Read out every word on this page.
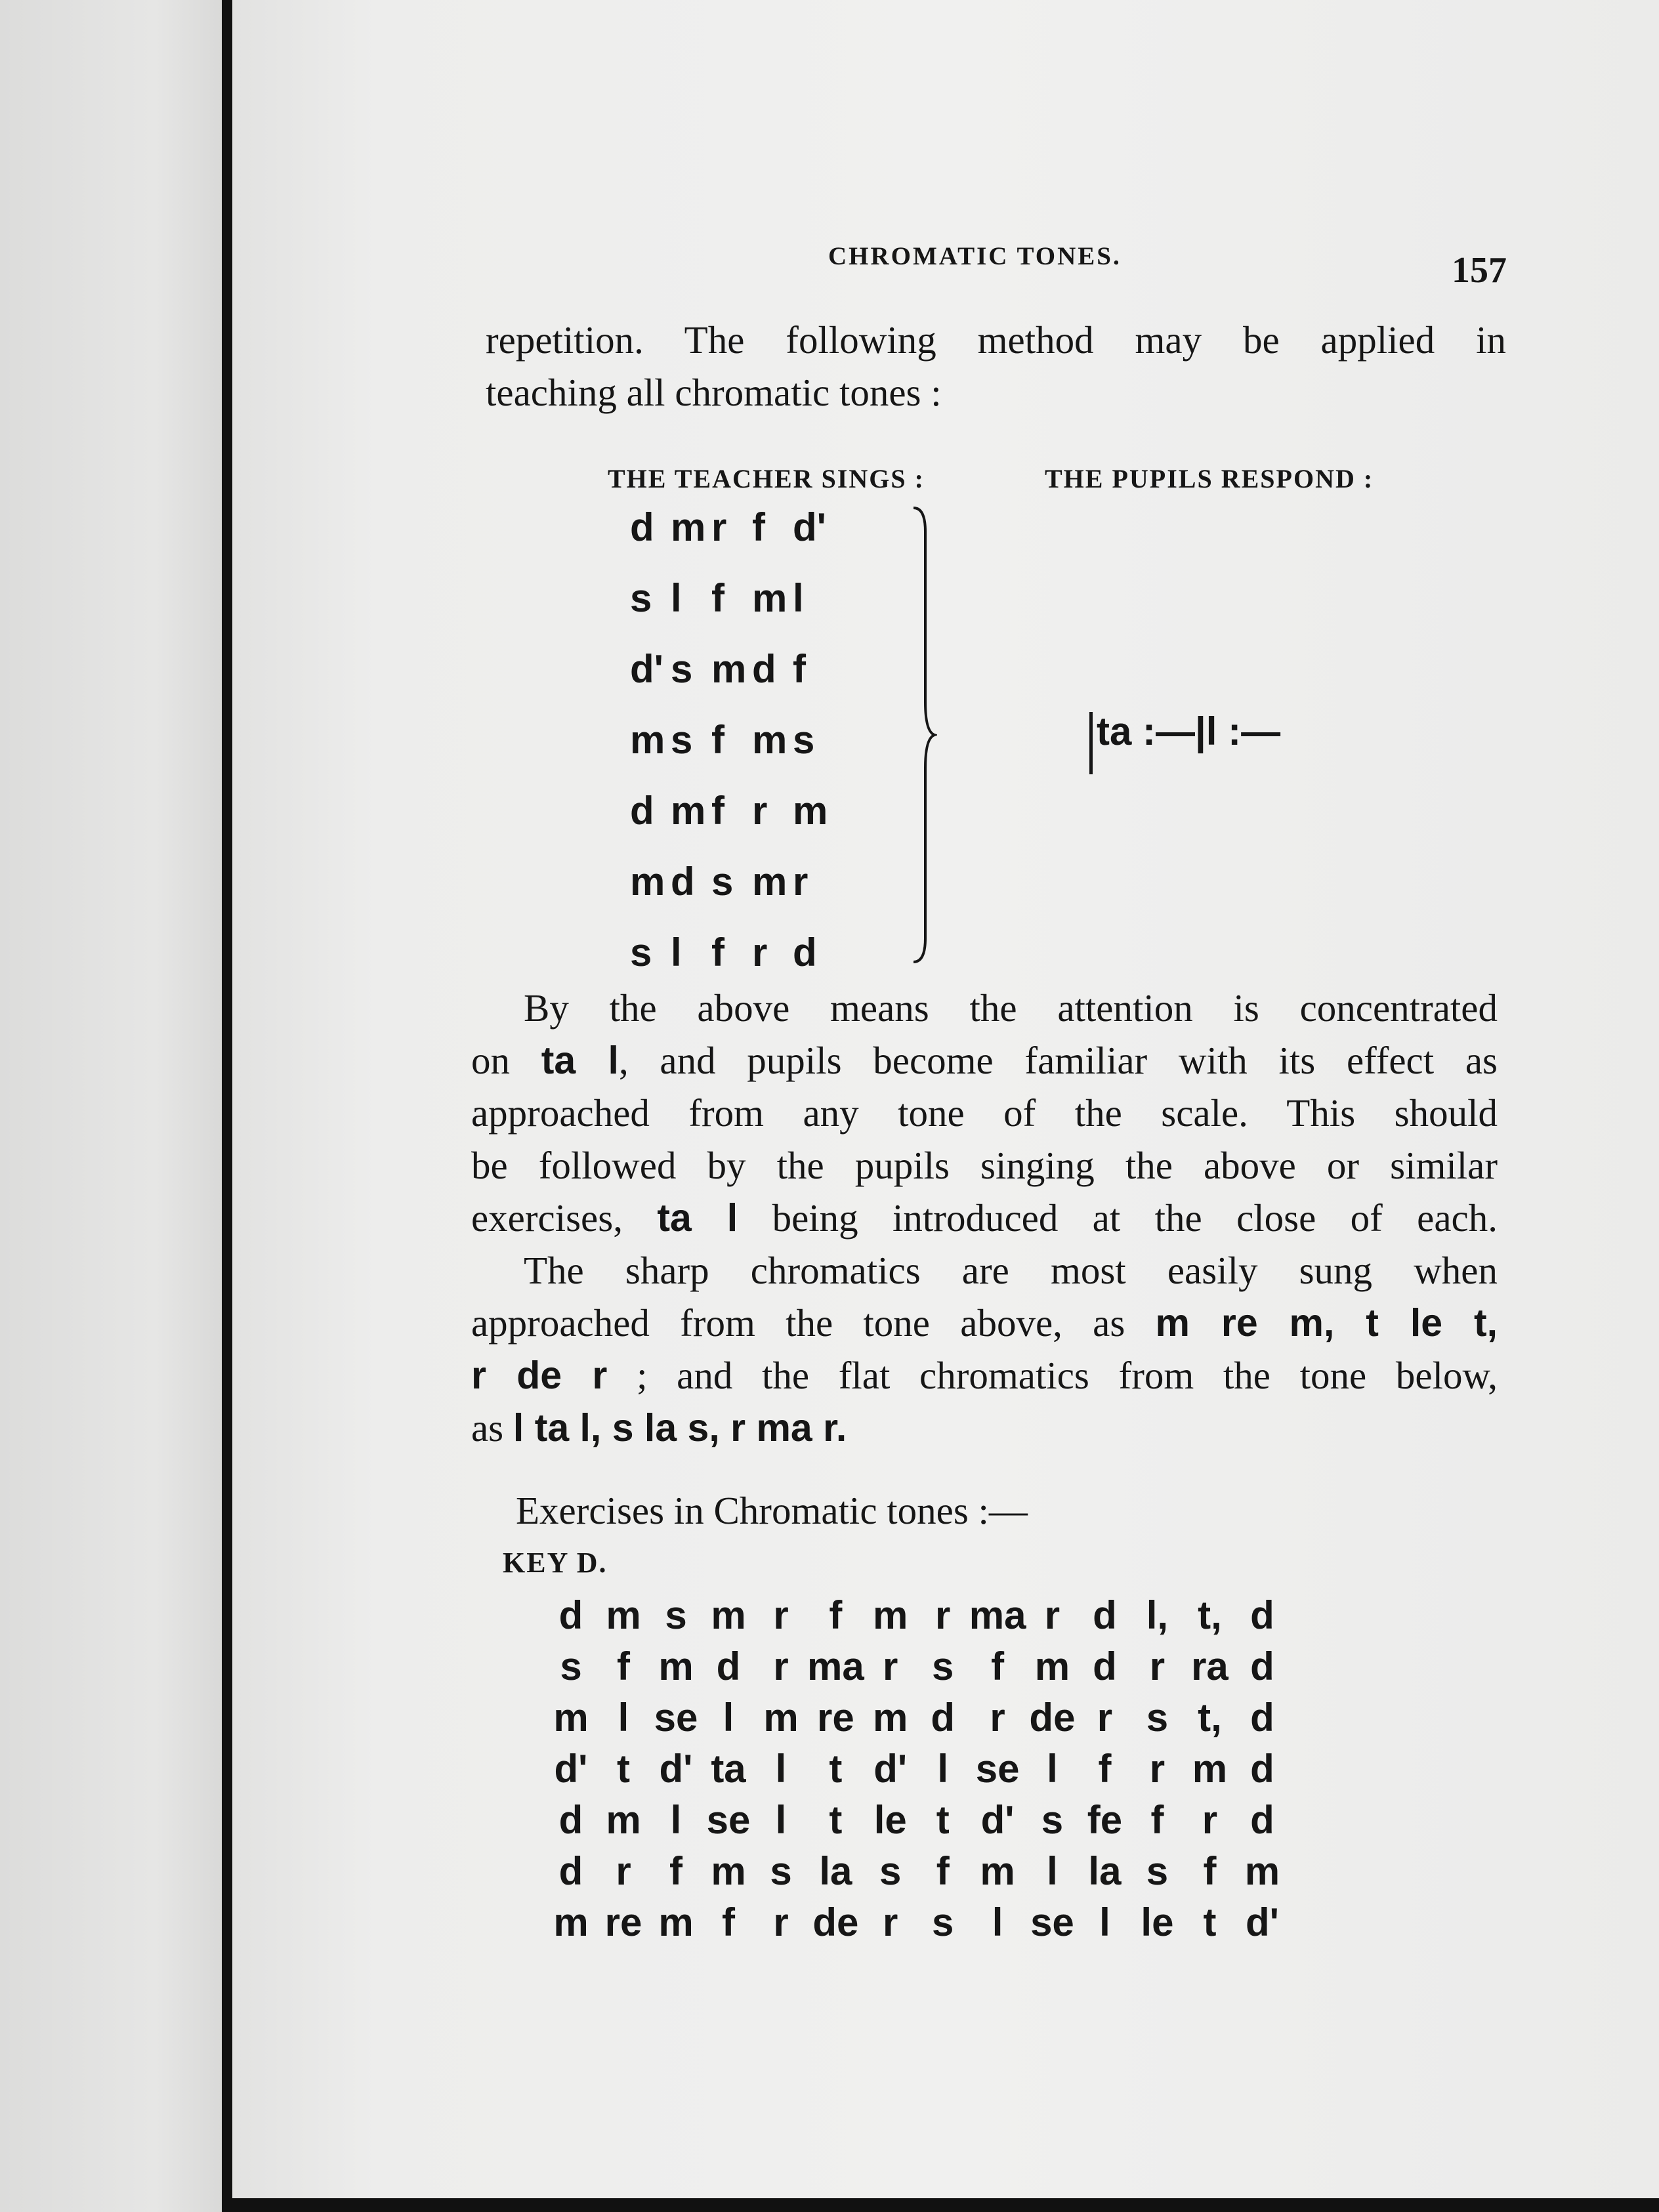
CHROMATIC TONES.	157
repetition. The following method may be applied in
teaching all chromatic tones :
THE TEACHER SINGS :	THE PUPILS RESPOND :
d m r f d'
s l f m l
d' s m d f
m s f m s
d m f r m
m d s m r
s l f r d
ta :—|l :—
By the above means the attention is concentrated
on ta l, and pupils become familiar with its effect as
approached from any tone of the scale. This should
be followed by the pupils singing the above or similar
exercises, ta l being introduced at the close of each.
The sharp chromatics are most easily sung when
approached from the tone above, as m re m, t le t,
r de r ; and the flat chromatics from the tone below,
as l ta l, s la s, r ma r.
Exercises in Chromatic tones :—
KEY D.
d	m	s	m	r	f	m	r	ma	r	d	l,	t,	d
s	f	m	d	r	ma	r	s	f	m	d	r	ra	d
m	l	se	l	m	re	m	d	r	de	r	s	t,	d
d'	t	d'	ta	l	t	d'	l	se	l	f	r	m	d
d	m	l	se	l	t	le	t	d'	s	fe	f	r	d
d	r	f	m	s	la	s	f	m	l	la	s	f	m
m	re	m	f	r	de	r	s	l	se	l	le	t	d'
